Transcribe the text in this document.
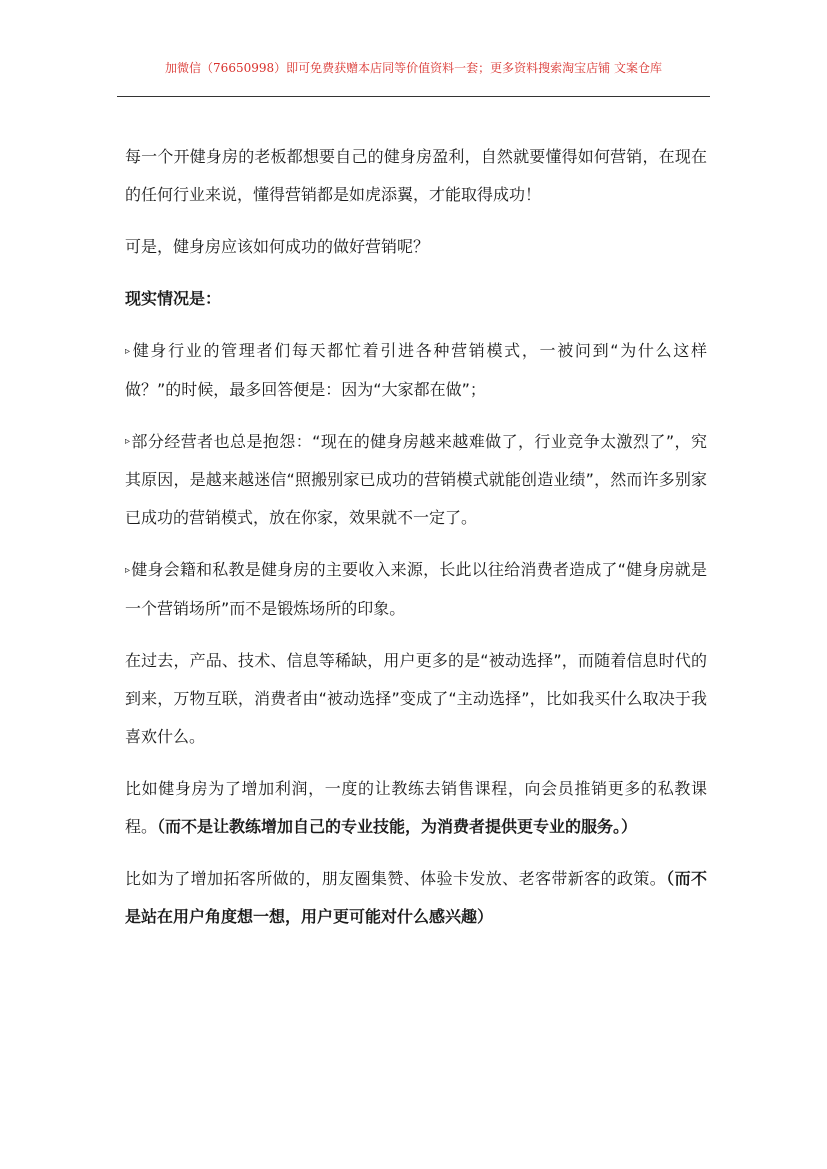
加微信（76650998）即可免费获赠本店同等价值资料一套；更多资料搜索淘宝店铺 文案仓库

每一个开健身房的老板都想要自己的健身房盈利，自然就要懂得如何营销，在现在的任何行业来说，懂得营销都是如虎添翼，才能取得成功！

可是，健身房应该如何成功的做好营销呢？

现实情况是：

▹健身行业的管理者们每天都忙着引进各种营销模式，一被问到“为什么这样做？”的时候，最多回答便是：因为“大家都在做”；

▹部分经营者也总是抱怨：“现在的健身房越来越难做了，行业竞争太激烈了”，究其原因，是越来越迷信“照搬别家已成功的营销模式就能创造业绩”，然而许多别家已成功的营销模式，放在你家，效果就不一定了。

▹健身会籍和私教是健身房的主要收入来源，长此以往给消费者造成了“健身房就是一个营销场所”而不是锻炼场所的印象。

在过去，产品、技术、信息等稀缺，用户更多的是“被动选择”，而随着信息时代的到来，万物互联，消费者由“被动选择”变成了“主动选择”，比如我买什么取决于我喜欢什么。

比如健身房为了增加利润，一度的让教练去销售课程，向会员推销更多的私教课程。（而不是让教练增加自己的专业技能，为消费者提供更专业的服务。）

比如为了增加拓客所做的，朋友圈集赞、体验卡发放、老客带新客的政策。（而不是站在用户角度想一想，用户更可能对什么感兴趣）
